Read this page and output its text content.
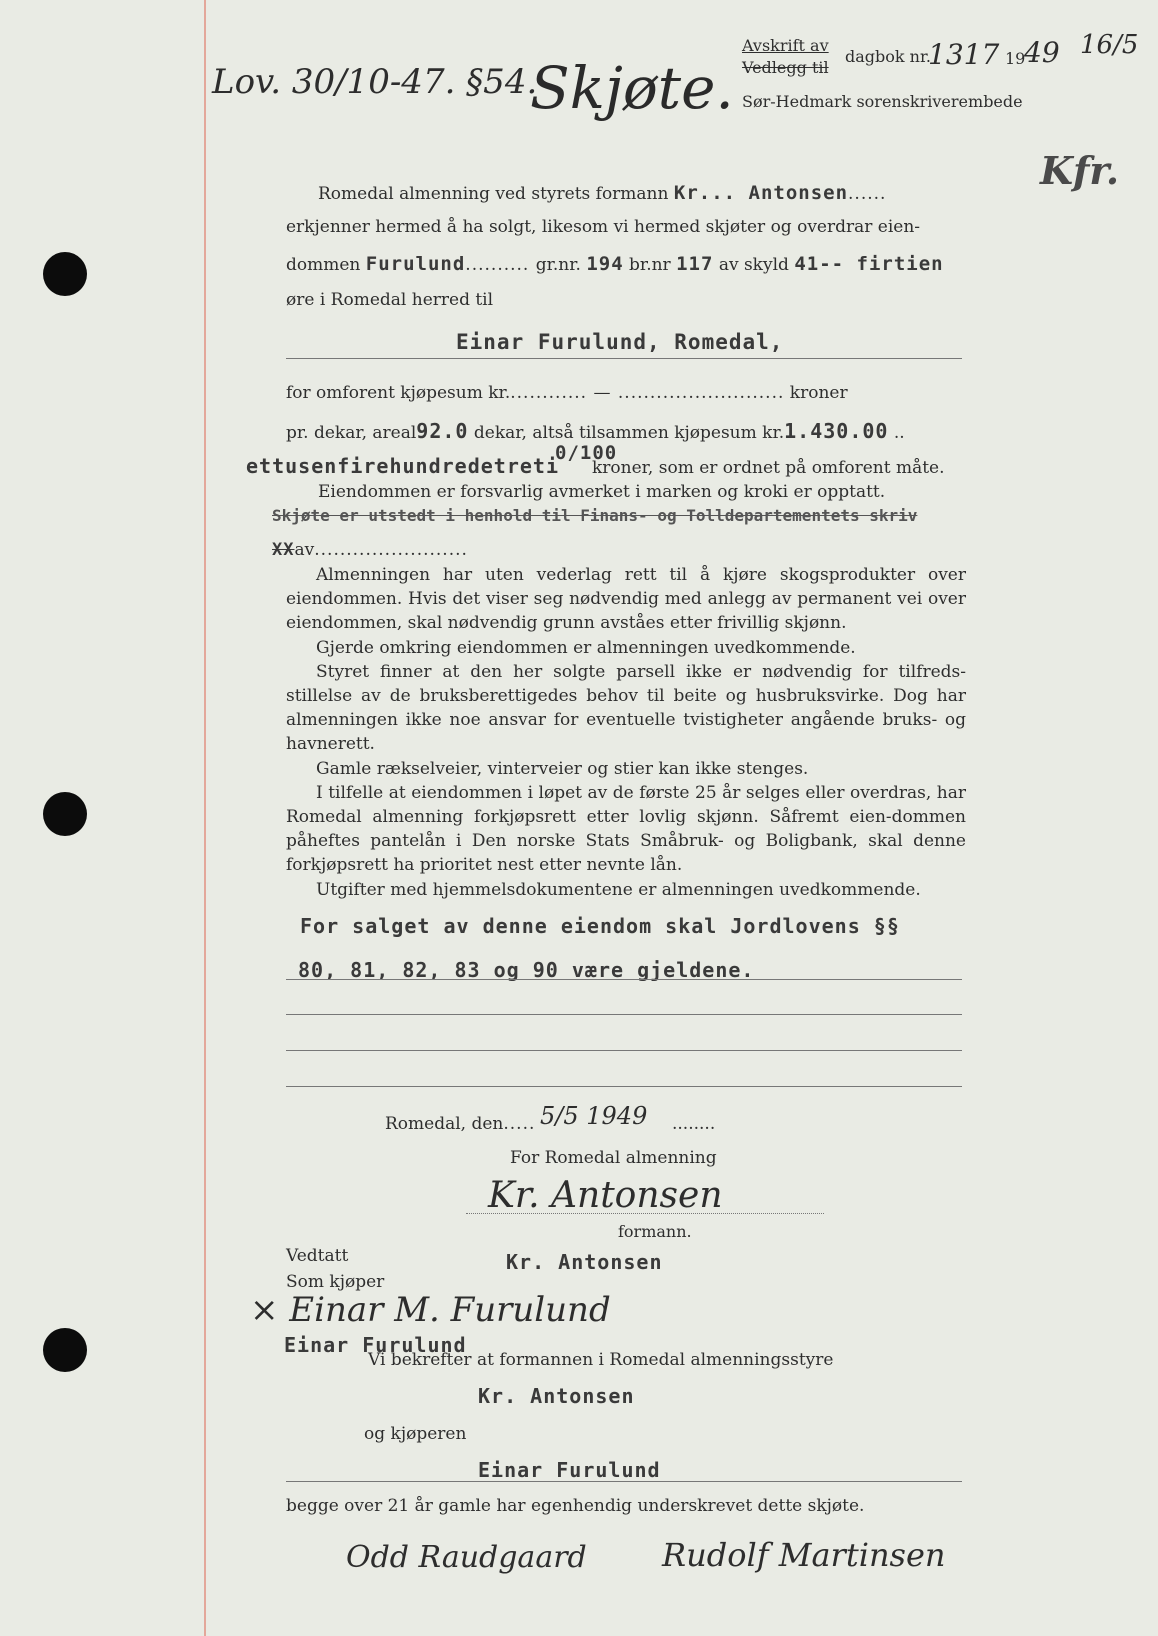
Lov. 30/10-47. §54.
Skjøte.
Avskrift av
Vedlegg til
dagbok nr.
1317 19
49 16/5
Sør-Hedmark sorenskriverembede
Kfr.
Romedal almenning ved styrets formann Kr... Antonsen......
erkjenner hermed å ha solgt, likesom vi hermed skjøter og overdrar eien-
dommen Furulund.......... gr.nr. 194 br.nr 117 av skyld 41-- firtien
øre i Romedal herred til
Einar Furulund, Romedal,
for omforent kjøpesum kr............. — .......................... kroner
pr. dekar, areal92.0 dekar, altså tilsammen kjøpesum kr.1.430.00 ..
ettusenfirehundredetreti
0/100
kroner, som er ordnet på omforent måte.
Eiendommen er forsvarlig avmerket i marken og kroki er opptatt.
Skjøte er utstedt i henhold til Finans- og Tolldepartementets skriv
XXav........................

Almenningen har uten vederlag rett til å kjøre skogsprodukter over eiendommen. Hvis det viser seg nødvendig med anlegg av permanent vei over eiendommen, skal nødvendig grunn avståes etter frivillig skjønn.

Gjerde omkring eiendommen er almenningen uvedkommende.

Styret finner at den her solgte parsell ikke er nødvendig for tilfreds-stillelse av de bruksberettigedes behov til beite og husbruksvirke. Dog har almenningen ikke noe ansvar for eventuelle tvistigheter angående bruks- og havnerett.

Gamle rækselveier, vinterveier og stier kan ikke stenges.

I tilfelle at eiendommen i løpet av de første 25 år selges eller overdras, har Romedal almenning forkjøpsrett etter lovlig skjønn. Såfremt eien-dommen påheftes pantelån i Den norske Stats Småbruk- og Boligbank, skal denne forkjøpsrett ha prioritet nest etter nevnte lån.

Utgifter med hjemmelsdokumentene er almenningen uvedkommende.

For salget av denne eiendom skal Jordlovens §§
80, 81, 82, 83 og 90 være gjeldene.
Romedal, den..... 5/5 1949 ........
For Romedal almenning
Kr. Antonsen
formann.
Kr. Antonsen
Vedtatt
Som kjøper
× Einar M. Furulund
Einar Furulund
Vi bekrefter at formannen i Romedal almenningsstyre
Kr. Antonsen
og kjøperen
Einar Furulund
begge over 21 år gamle har egenhendig underskrevet dette skjøte.
Odd Raudgaard Rudolf Martinsen
